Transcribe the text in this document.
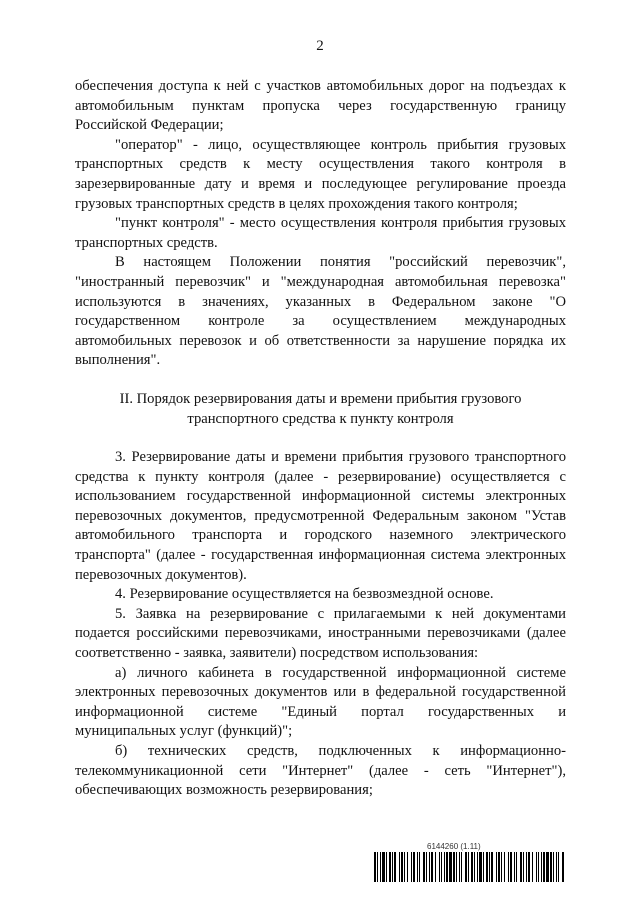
2

обеспечения доступа к ней с участков автомобильных дорог на подъездах к автомобильным пунктам пропуска через государственную границу Российской Федерации;

"оператор" - лицо, осуществляющее контроль прибытия грузовых транспортных средств к месту осуществления такого контроля в зарезервированные дату и время и последующее регулирование проезда грузовых транспортных средств в целях прохождения такого контроля;

"пункт контроля" - место осуществления контроля прибытия грузовых транспортных средств.

В настоящем Положении понятия "российский перевозчик", "иностранный перевозчик" и "международная автомобильная перевозка" используются в значениях, указанных в Федеральном законе "О государственном контроле за осуществлением международных автомобильных перевозок и об ответственности за нарушение порядка их выполнения".

II. Порядок резервирования даты и времени прибытия грузового транспортного средства к пункту контроля

3. Резервирование даты и времени прибытия грузового транспортного средства к пункту контроля (далее - резервирование) осуществляется с использованием государственной информационной системы электронных перевозочных документов, предусмотренной Федеральным законом "Устав автомобильного транспорта и городского наземного электрического транспорта" (далее - государственная информационная система электронных перевозочных документов).

4. Резервирование осуществляется на безвозмездной основе.

5. Заявка на резервирование с прилагаемыми к ней документами подается российскими перевозчиками, иностранными перевозчиками (далее соответственно - заявка, заявители) посредством использования:

а) личного кабинета в государственной информационной системе электронных перевозочных документов или в федеральной государственной информационной системе "Единый портал государственных и муниципальных услуг (функций)";

б) технических средств, подключенных к информационно-телекоммуникационной сети "Интернет" (далее - сеть "Интернет"), обеспечивающих возможность резервирования;

6144260 (1.11)
